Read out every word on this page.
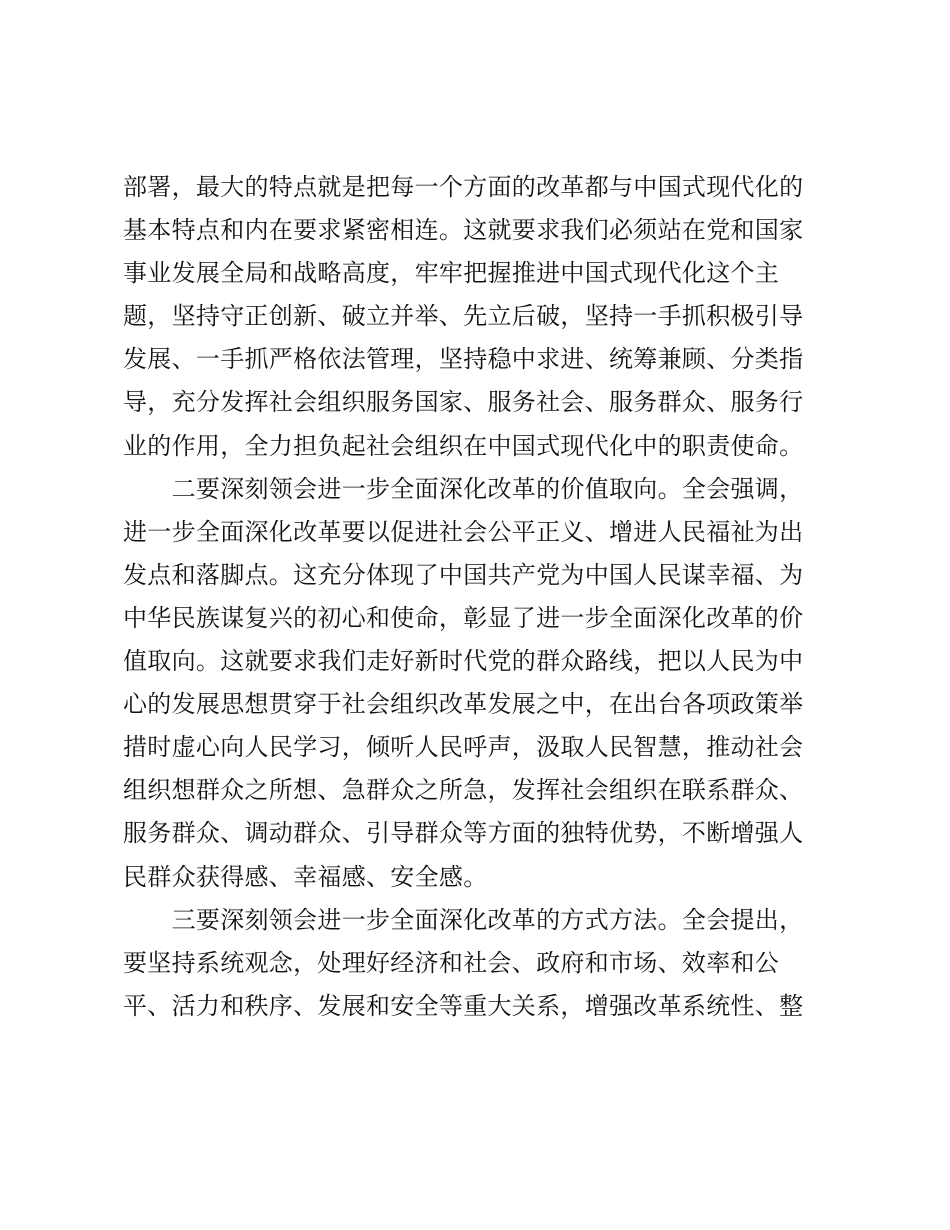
部署，最大的特点就是把每一个方面的改革都与中国式现代化的
基本特点和内在要求紧密相连。这就要求我们必须站在党和国家
事业发展全局和战略高度，牢牢把握推进中国式现代化这个主
题，坚持守正创新、破立并举、先立后破，坚持一手抓积极引导
发展、一手抓严格依法管理，坚持稳中求进、统筹兼顾、分类指
导，充分发挥社会组织服务国家、服务社会、服务群众、服务行
业的作用，全力担负起社会组织在中国式现代化中的职责使命。
　　二要深刻领会进一步全面深化改革的价值取向。全会强调，
进一步全面深化改革要以促进社会公平正义、增进人民福祉为出
发点和落脚点。这充分体现了中国共产党为中国人民谋幸福、为
中华民族谋复兴的初心和使命，彰显了进一步全面深化改革的价
值取向。这就要求我们走好新时代党的群众路线，把以人民为中
心的发展思想贯穿于社会组织改革发展之中，在出台各项政策举
措时虚心向人民学习，倾听人民呼声，汲取人民智慧，推动社会
组织想群众之所想、急群众之所急，发挥社会组织在联系群众、
服务群众、调动群众、引导群众等方面的独特优势，不断增强人
民群众获得感、幸福感、安全感。
　　三要深刻领会进一步全面深化改革的方式方法。全会提出，
要坚持系统观念，处理好经济和社会、政府和市场、效率和公
平、活力和秩序、发展和安全等重大关系，增强改革系统性、整
